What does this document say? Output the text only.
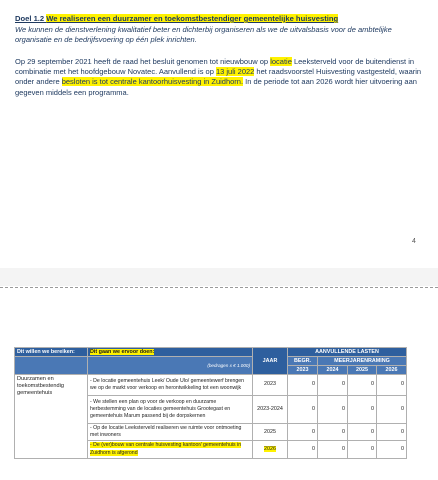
Doel 1.2 We realiseren een duurzamer en toekomstbestendiger gemeentelijke huisvesting
We kunnen de dienstverlening kwalitatief beter en dichterbij organiseren als we de uitvalsbasis voor de ambtelijke organisatie en de bedrijfsvoering op één plek inrichten.
Op 29 september 2021 heeft de raad het besluit genomen tot nieuwbouw op locatie Leeksterveld voor de buitendienst in combinatie met het hoofdgebouw Novatec. Aanvullend is op 13 juli 2022 het raadsvoorstel Huisvesting vastgesteld, waarin onder andere besloten is tot centrale kantoorhuisvesting in Zuidhorn. In de periode tot aan 2026 wordt hier uitvoering aan gegeven middels een programma.
4
Dit willen we bereiken:	Dit gaan we ervoor doen:	JAAR	AANVULLENDE LASTEN			
	(bedragen x € 1.000)		BEGR.	MEERJARENRAMING		
			2023	2024	2025	2026
Duurzamen en toekomstbestendig gemeentehuis	- De locatie gemeentehuis Leek/ Oude Ulo/ gemeentewerf brengen we op de markt voor verkoop en herontwikkeling tot een woonwijk	2023	0	0	0	0
	- We stellen een plan op voor de verkoop en duurzame herbestemming van de locaties gemeentehuis Grootegast en gemeentehuis Marum passend bij de dorpskernen	2023-2024	0	0	0	0
	- Op de locatie Leeksterveld realiseren we ruimte voor ontmoeting met inwoners	2025	0	0	0	0
	- De (ver)bouw van centrale huisvesting kantoor/ gemeentehuis in Zuidhorn is afgerond	2026	0	0	0	0
